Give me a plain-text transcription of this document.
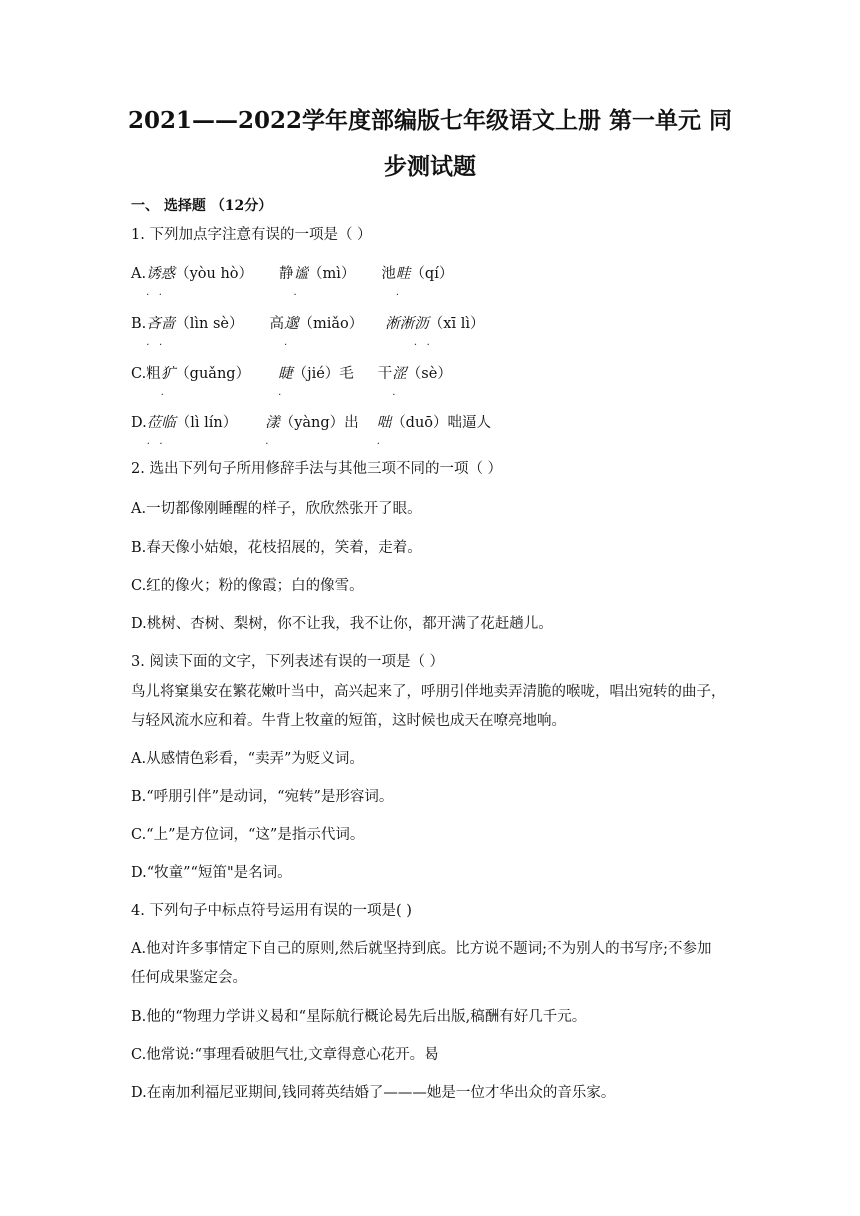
2021——2022学年度部编版七年级语文上册 第一单元 同
步测试题
一、 选择题 （12分）
1. 下列加点字注意有误的一项是（ ）
A.诱惑
·   ·
（yòu hò） 静谧
·
（mì） 池畦
·
（qí）
B.吝啬
·   ·
（lìn sè） 高邈
·
（miǎo） 淅淅沥
·   ·
（xī lì）
C.粗犷
·
（guǎng） 睫
·
（jié）毛 干涩
·
（sè）
D.莅临
·   ·
（lì lín） 漾
·
（yàng）出 咄
·
（duō）咄逼人
2. 选出下列句子所用修辞手法与其他三项不同的一项（ ）
A.一切都像刚睡醒的样子，欣欣然张开了眼。
B.春天像小姑娘，花枝招展的，笑着，走着。
C.红的像火；粉的像霞；白的像雪。
D.桃树、杏树、梨树，你不让我，我不让你，都开满了花赶趟儿。
3. 阅读下面的文字，下列表述有误的一项是（ ）
鸟儿将窠巢安在繁花嫩叶当中，高兴起来了，呼朋引伴地卖弄清脆的喉咙，唱出宛转的曲子，
与轻风流水应和着。牛背上牧童的短笛，这时候也成天在嘹亮地响。
A.从感情色彩看，“卖弄”为贬义词。
B.“呼朋引伴”是动词，“宛转”是形容词。
C.“上”是方位词，“这”是指示代词。
D.“牧童”“短笛"是名词。
4. 下列句子中标点符号运用有误的一项是( )
A.他对许多事情定下自己的原则,然后就坚持到底。比方说不题词;不为别人的书写序;不参加
任何成果鉴定会。
B.他的“物理力学讲义曷和“星际航行概论曷先后出版,稿酬有好几千元。
C.他常说:“事理看破胆气壮,文章得意心花开。曷
D.在南加利福尼亚期间,钱同蒋英结婚了———她是一位才华出众的音乐家。
